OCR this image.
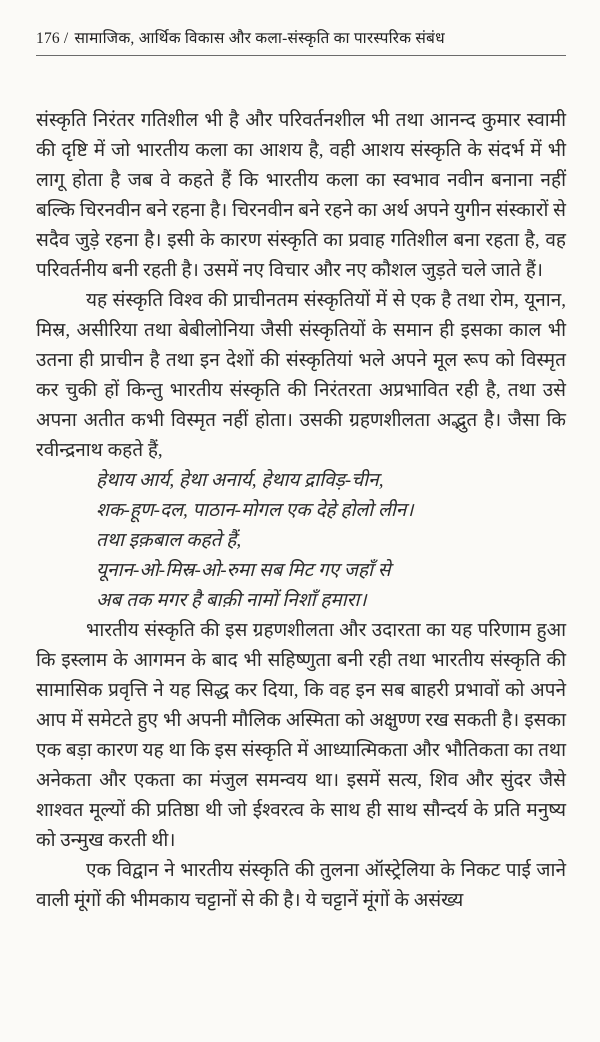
176 / सामाजिक, आर्थिक विकास और कला-संस्कृति का पारस्परिक संबंध

संस्कृति निरंतर गतिशील भी है और परिवर्तनशील भी तथा आनन्द कुमार स्वामी की दृष्टि में जो भारतीय कला का आशय है, वही आशय संस्कृति के संदर्भ में भी लागू होता है जब वे कहते हैं कि भारतीय कला का स्वभाव नवीन बनाना नहीं बल्कि चिरनवीन बने रहना है। चिरनवीन बने रहने का अर्थ अपने युगीन संस्कारों से सदैव जुड़े रहना है। इसी के कारण संस्कृति का प्रवाह गतिशील बना रहता है, वह परिवर्तनीय बनी रहती है। उसमें नए विचार और नए कौशल जुड़ते चले जाते हैं।

यह संस्कृति विश्व की प्राचीनतम संस्कृतियों में से एक है तथा रोम, यूनान, मिस्र, असीरिया तथा बेबीलोनिया जैसी संस्कृतियों के समान ही इसका काल भी उतना ही प्राचीन है तथा इन देशों की संस्कृतियां भले अपने मूल रूप को विस्मृत कर चुकी हों किन्तु भारतीय संस्कृति की निरंतरता अप्रभावित रही है, तथा उसे अपना अतीत कभी विस्मृत नहीं होता। उसकी ग्रहणशीलता अद्भुत है। जैसा कि रवीन्द्रनाथ कहते हैं,

हेथाय आर्य, हेथा अनार्य, हेथाय द्राविड़-चीन,
शक-हूण-दल, पाठान-मोगल एक देहे होलो लीन।
तथा इक़बाल कहते हैं,
यूनान-ओ-मिस्र-ओ-रुमा सब मिट गए जहाँ से
अब तक मगर है बाक़ी नामों निशाँ हमारा।

भारतीय संस्कृति की इस ग्रहणशीलता और उदारता का यह परिणाम हुआ कि इस्लाम के आगमन के बाद भी सहिष्णुता बनी रही तथा भारतीय संस्कृति की सामासिक प्रवृत्ति ने यह सिद्ध कर दिया, कि वह इन सब बाहरी प्रभावों को अपने आप में समेटते हुए भी अपनी मौलिक अस्मिता को अक्षुण्ण रख सकती है। इसका एक बड़ा कारण यह था कि इस संस्कृति में आध्यात्मिकता और भौतिकता का तथा अनेकता और एकता का मंजुल समन्वय था। इसमें सत्य, शिव और सुंदर जैसे शाश्वत मूल्यों की प्रतिष्ठा थी जो ईश्वरत्व के साथ ही साथ सौन्दर्य के प्रति मनुष्य को उन्मुख करती थी।

एक विद्वान ने भारतीय संस्कृति की तुलना ऑस्ट्रेलिया के निकट पाई जाने वाली मूंगों की भीमकाय चट्टानों से की है। ये चट्टानें मूंगों के असंख्य
